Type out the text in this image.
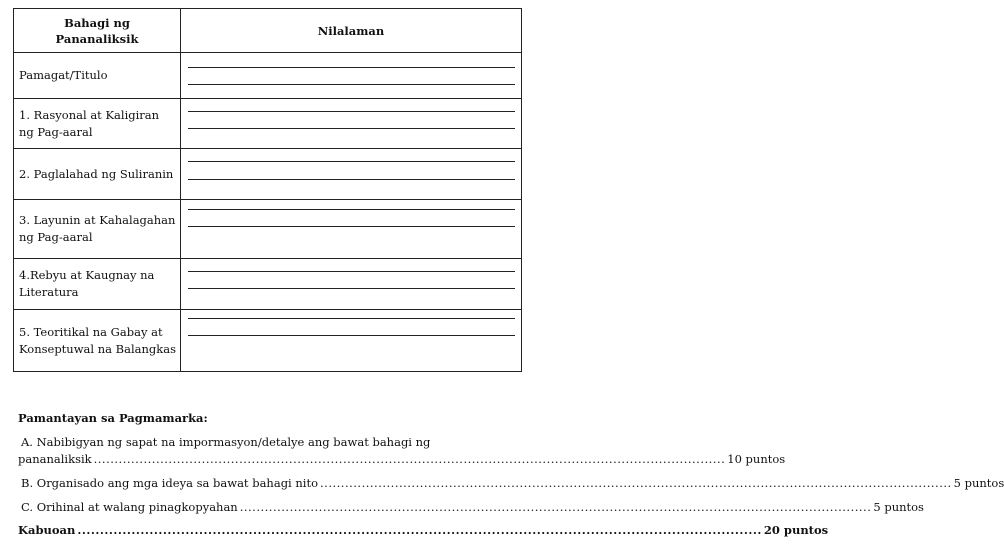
Bahagi ng Pananaliksik	Nilalaman
Pamagat/Titulo	

1. Rasyonal at Kaligiran ng Pag-aaral	

2. Paglalahad ng Suliranin	

3. Layunin at Kahalagahan ng Pag-aaral	

4.Rebyu at Kaugnay na Literatura	

5. Teoritikal na Gabay at Konseptuwal na Balangkas	
Pamantayan sa Pagmamarka:
A. Nabibigyan ng sapat na impormasyon/detalye ang bawat bahagi ng
pananaliksik ........................................................................................................................................................ 10 puntos
B. Organisado ang mga ideya sa bawat bahagi nito ........................................................................................................................................................ 5 puntos
C. Orihinal at walang pinagkopyahan ........................................................................................................................................................ 5 puntos
Kabuoan ........................................................................................................................................................ 20 puntos
